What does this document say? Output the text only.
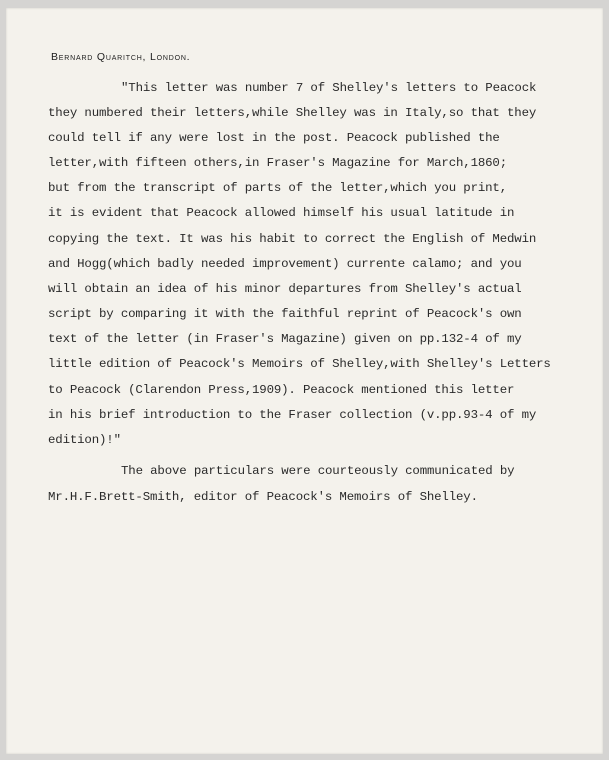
Bernard Quaritch, London.
"This letter was number 7 of Shelley's letters to Peacock
they numbered their letters,while Shelley was in Italy,so that they
could tell if any were lost in the post. Peacock published the
letter,with fifteen others,in Fraser's Magazine for March,1860;
but from the transcript of parts of the letter,which you print,
it is evident that Peacock allowed himself his usual latitude in
copying the text. It was his habit to correct the English of Medwin
and Hogg(which badly needed improvement) currente calamo; and you
will obtain an idea of his minor departures from Shelley's actual
script by comparing it with the faithful reprint of Peacock's own
text of the letter (in Fraser's Magazine) given on pp.132-4 of my
little edition of Peacock's Memoirs of Shelley,with Shelley's Letters
to Peacock (Clarendon Press,1909). Peacock mentioned this letter
in his brief introduction to the Fraser collection (v.pp.93-4 of my
edition)!"
The above particulars were courteously communicated by
Mr.H.F.Brett-Smith, editor of Peacock's Memoirs of Shelley.
